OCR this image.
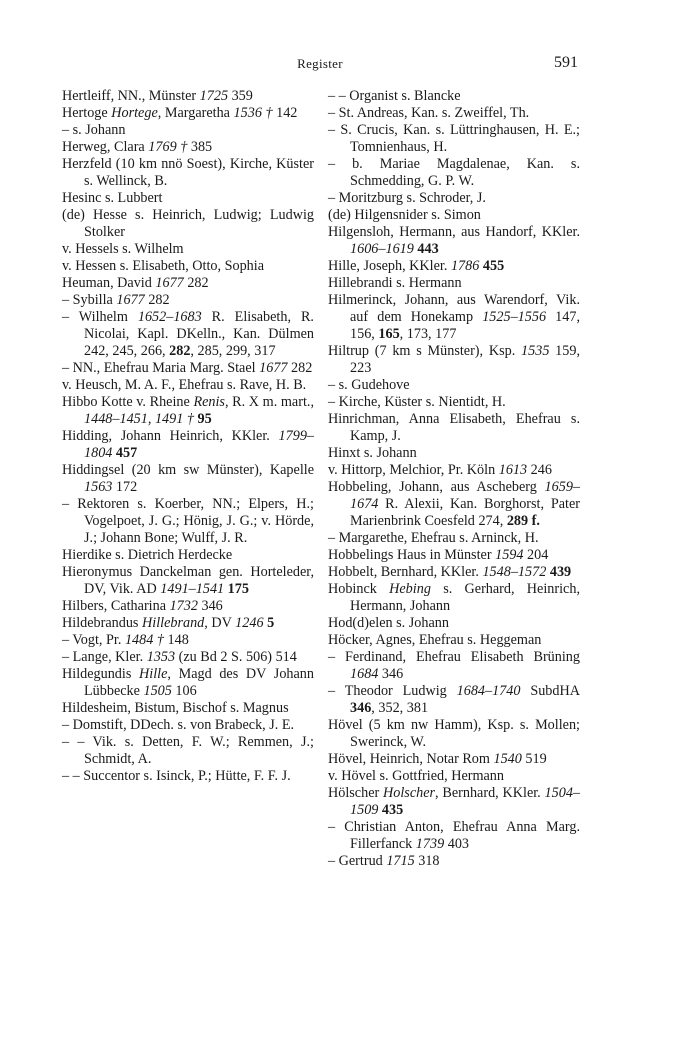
Register	591
Hertleiff, NN., Münster 1725 359
Hertoge Hortege, Margaretha 1536 † 142
– s. Johann
Herweg, Clara 1769 † 385
Herzfeld (10 km nnö Soest), Kirche, Küster s. Wellinck, B.
Hesinc s. Lubbert
(de) Hesse s. Heinrich, Ludwig; Ludwig Stolker
v. Hessels s. Wilhelm
v. Hessen s. Elisabeth, Otto, Sophia
Heuman, David 1677 282
– Sybilla 1677 282
– Wilhelm 1652–1683 R. Elisabeth, R. Nicolai, Kapl. DKelln., Kan. Dülmen 242, 245, 266, 282, 285, 299, 317
– NN., Ehefrau Maria Marg. Stael 1677 282
v. Heusch, M. A. F., Ehefrau s. Rave, H. B.
Hibbo Kotte v. Rheine Renis, R. X m. mart., 1448–1451, 1491 † 95
Hidding, Johann Heinrich, KKler. 1799–1804 457
Hiddingsel (20 km sw Münster), Kapelle 1563 172
– Rektoren s. Koerber, NN.; Elpers, H.; Vogelpoet, J. G.; Hönig, J. G.; v. Hörde, J.; Johann Bone; Wulff, J. R.
Hierdike s. Dietrich Herdecke
Hieronymus Danckelman gen. Horteleder, DV, Vik. AD 1491–1541 175
Hilbers, Catharina 1732 346
Hildebrandus Hillebrand, DV 1246 5
– Vogt, Pr. 1484 † 148
– Lange, Kler. 1353 (zu Bd 2 S. 506) 514
Hildegundis Hille, Magd des DV Johann Lübbecke 1505 106
Hildesheim, Bistum, Bischof s. Magnus
– Domstift, DDech. s. von Brabeck, J. E.
– – Vik. s. Detten, F. W.; Remmen, J.; Schmidt, A.
– – Succentor s. Isinck, P.; Hütte, F. F. J.
– – Organist s. Blancke
– St. Andreas, Kan. s. Zweiffel, Th.
– S. Crucis, Kan. s. Lüttringhausen, H. E.; Tomnienhaus, H.
– b. Mariae Magdalenae, Kan. s. Schmedding, G. P. W.
– Moritzburg s. Schroder, J.
(de) Hilgensnider s. Simon
Hilgensloh, Hermann, aus Handorf, KKler. 1606–1619 443
Hille, Joseph, KKler. 1786 455
Hillebrandi s. Hermann
Hilmerinck, Johann, aus Warendorf, Vik. auf dem Honekamp 1525–1556 147, 156, 165, 173, 177
Hiltrup (7 km s Münster), Ksp. 1535 159, 223
– s. Gudehove
– Kirche, Küster s. Nientidt, H.
Hinrichman, Anna Elisabeth, Ehefrau s. Kamp, J.
Hinxt s. Johann
v. Hittorp, Melchior, Pr. Köln 1613 246
Hobbeling, Johann, aus Ascheberg 1659–1674 R. Alexii, Kan. Borghorst, Pater Marienbrink Coesfeld 274, 289 f.
– Margarethe, Ehefrau s. Arninck, H.
Hobbelings Haus in Münster 1594 204
Hobbelt, Bernhard, KKler. 1548–1572 439
Hobinck Hebing s. Gerhard, Heinrich, Hermann, Johann
Hod(d)elen s. Johann
Höcker, Agnes, Ehefrau s. Heggeman
– Ferdinand, Ehefrau Elisabeth Brüning 1684 346
– Theodor Ludwig 1684–1740 SubdHA 346, 352, 381
Hövel (5 km nw Hamm), Ksp. s. Mollen; Swerinck, W.
Hövel, Heinrich, Notar Rom 1540 519
v. Hövel s. Gottfried, Hermann
Hölscher Holscher, Bernhard, KKler. 1504–1509 435
– Christian Anton, Ehefrau Anna Marg. Fillerfanck 1739 403
– Gertrud 1715 318
